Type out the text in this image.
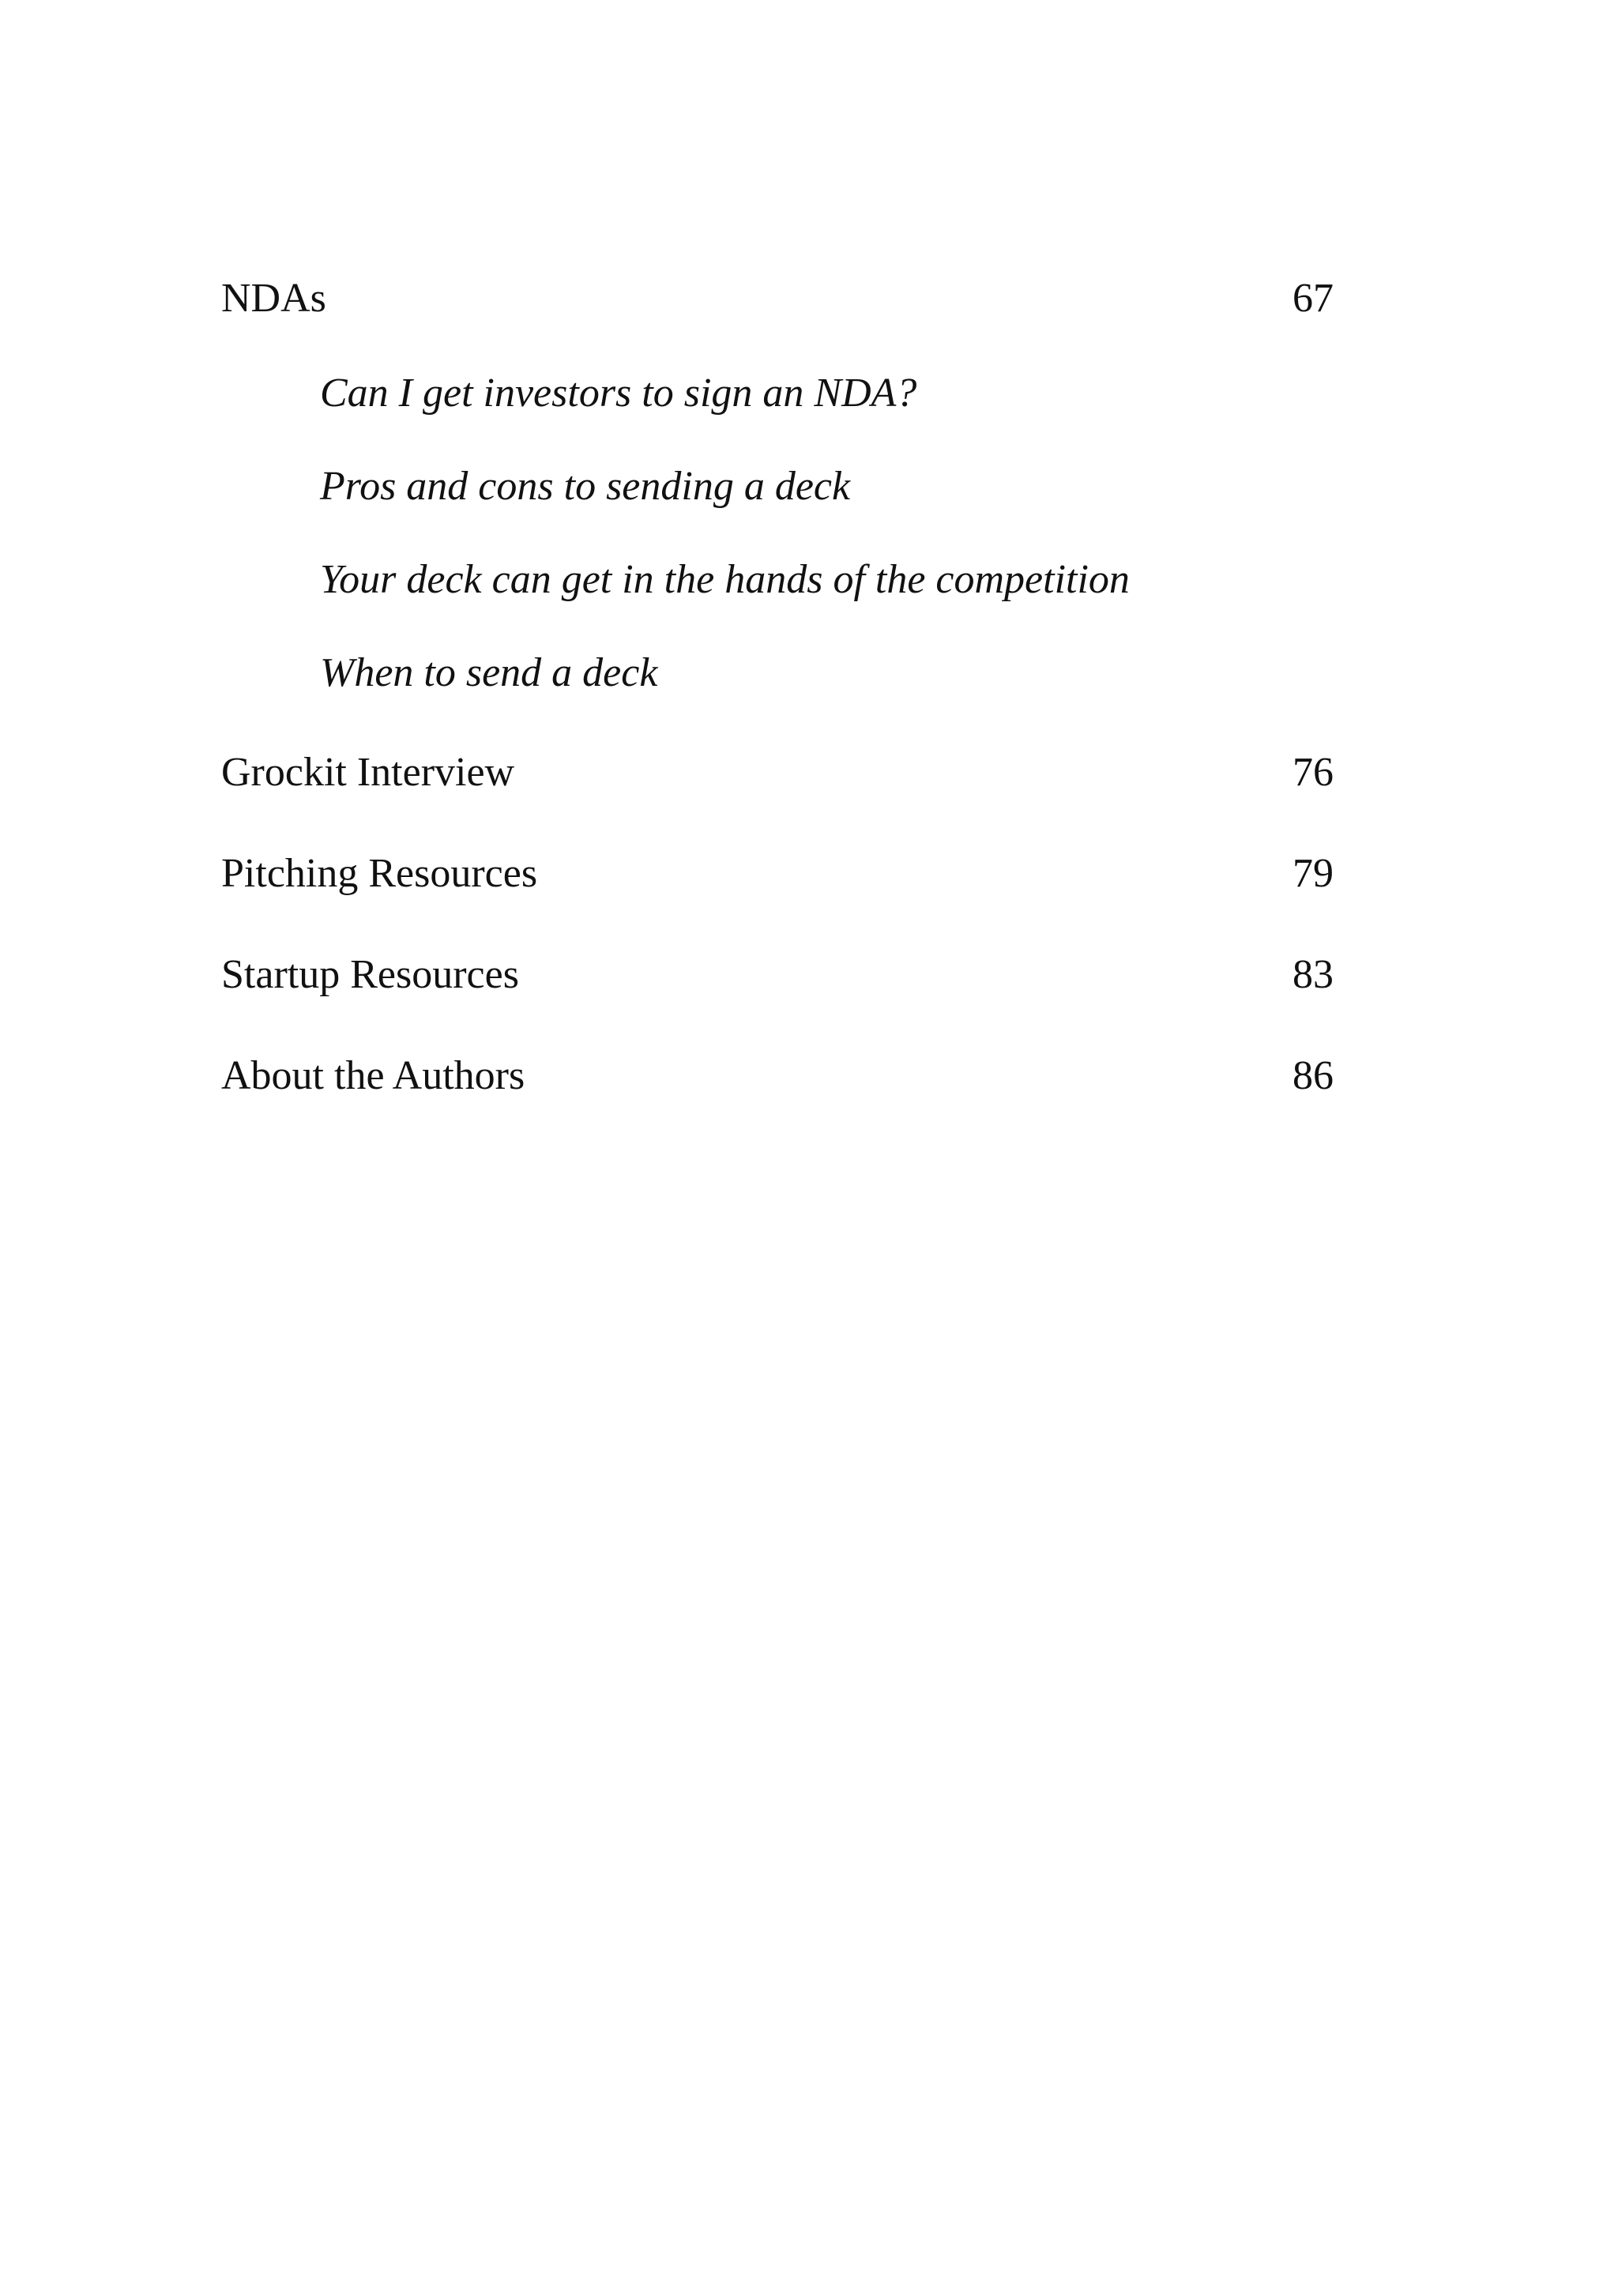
NDAs	67
Can I get investors to sign an NDA?
Pros and cons to sending a deck
Your deck can get in the hands of the competition
When to send a deck
Grockit Interview	76
Pitching Resources	79
Startup Resources	83
About the Authors	86
